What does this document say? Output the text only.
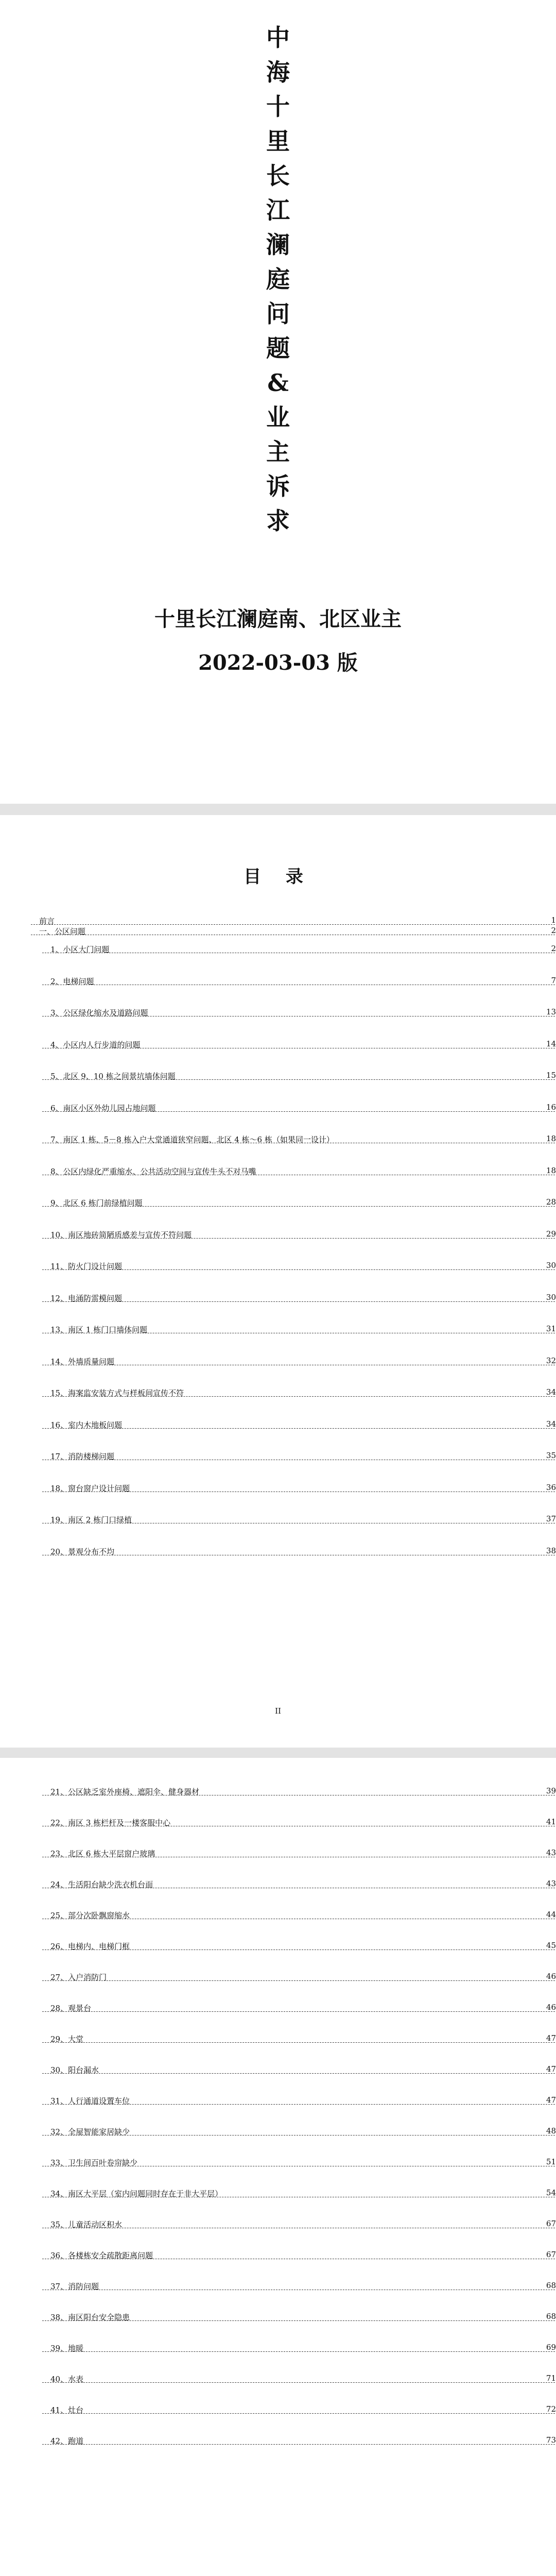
中
海
十
里
长
江
澜
庭
问
题
&
业
主
诉
求
十里长江澜庭南、北区业主
2022-03-03 版
目 录
前言	1
一、公区问题	2
1、小区大门问题	2
2、电梯问题	7
3、公区绿化缩水及道路问题	13
4、小区内人行步道的问题	14
5、北区 9、10 栋之间景坑墙体问题	15
6、南区小区外幼儿园占地问题	16
7、南区 1 栋、5－8 栋入户大堂通道狭窄问题、北区 4 栋～6 栋（如果同一设计）	18
8、公区内绿化严重缩水、公共活动空间与宣传牛头不对马嘴	18
9、北区 6 栋门前绿植问题	28
10、南区地砖简陋质感差与宣传不符问题	29
11、防火门设计问题	30
12、电涌防雷模问题	30
13、南区 1 栋门口墙体问题	31
14、外墙质量问题	32
15、海案监安装方式与样板间宣传不符	34
16、室内木地板问题	34
17、消防楼梯问题	35
18、窗台窗户设计问题	36
19、南区 2 栋门口绿植	37
20、景观分布不均	38
II
21、公区缺乏室外座椅、遮阳伞、健身器材	39
22、南区 3 栋栏杆及一楼客服中心	41
23、北区 6 栋大平层窗户玻璃	43
24、生活阳台缺少洗衣机台面	43
25、部分次卧飘窗缩水	44
26、电梯内、电梯门框	45
27、入户消防门	46
28、观景台	46
29、大堂	47
30、阳台漏水	47
31、人行通道设置车位	47
32、全屋智能家居缺少	48
33、卫生间百叶卷帘缺少	51
34、南区大平层（室内问题同时存在于非大平层）	54
35、儿童活动区积水	67
36、各楼栋安全疏散距离问题	67
37、消防问题	68
38、南区阳台安全隐患	68
39、地暖	69
40、水表	71
41、灶台	72
42、跑道	73
